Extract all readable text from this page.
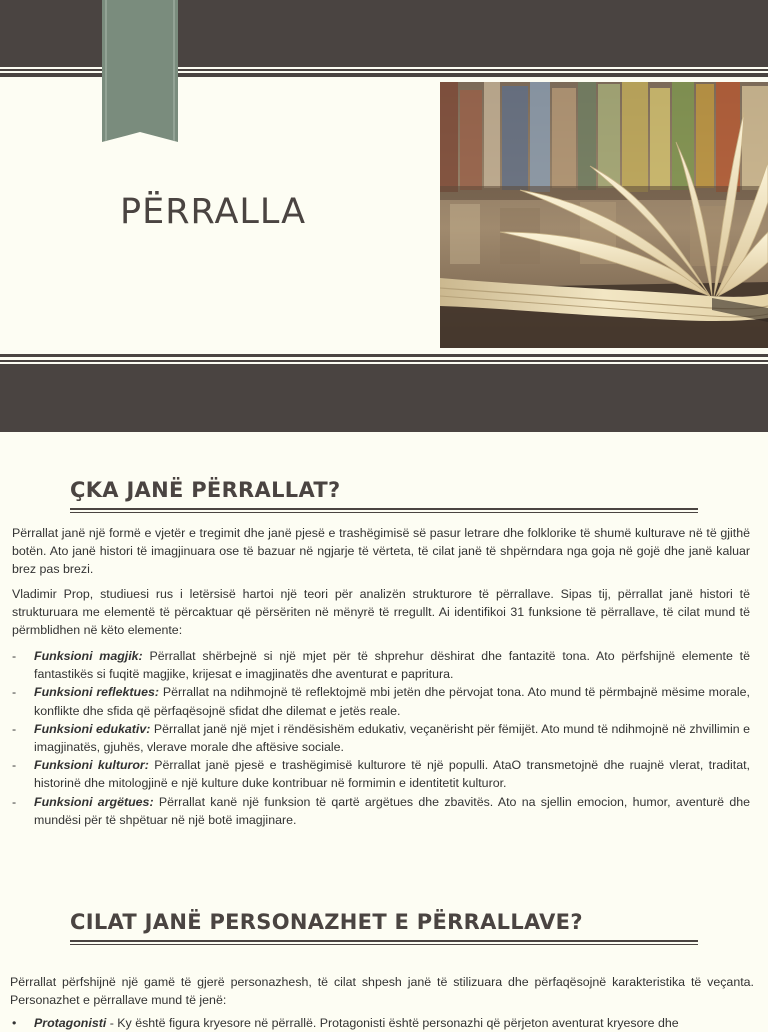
PËRRALLA
ÇKA JANË PËRRALLAT?

Përrallat janë një formë e vjetër e tregimit dhe janë pjesë e trashëgimisë së pasur letrare dhe folklorike të shumë kulturave në të gjithë botën. Ato janë histori të imagjinuara ose të bazuar në ngjarje të vërteta, të cilat janë të shpërndara nga goja në gojë dhe janë kaluar brez pas brezi.

Vladimir Prop, studiuesi rus i letërsisë hartoi një teori për analizën strukturore të përrallave. Sipas tij, përrallat janë histori të strukturuara me elementë të përcaktuar që përsëriten në mënyrë të rregullt. Ai identifikoi 31 funksione të përrallave, të cilat mund të përmblidhen në këto elemente:

- Funksioni magjik: Përrallat shërbejnë si një mjet për të shprehur dëshirat dhe fantazitë tona. Ato përfshijnë elemente të fantastikës si fuqitë magjike, krijesat e imagjinatës dhe aventurat e papritura.
- Funksioni reflektues: Përrallat na ndihmojnë të reflektojmë mbi jetën dhe përvojat tona. Ato mund të përmbajnë mësime morale, konflikte dhe sfida që përfaqësojnë sfidat dhe dilemat e jetës reale.
- Funksioni edukativ: Përrallat janë një mjet i rëndësishëm edukativ, veçanërisht për fëmijët. Ato mund të ndihmojnë në zhvillimin e imagjinatës, gjuhës, vlerave morale dhe aftësive sociale.
- Funksioni kulturor: Përrallat janë pjesë e trashëgimisë kulturore të një populli. AtaO transmetojnë dhe ruajnë vlerat, traditat, historinë dhe mitologjinë e një kulture duke kontribuar në formimin e identitetit kulturor.
- Funksioni argëtues: Përrallat kanë një funksion të qartë argëtues dhe zbavitës. Ato na sjellin emocion, humor, aventurë dhe mundësi për të shpëtuar në një botë imagjinare.
CILAT JANË PERSONAZHET E PËRRALLAVE?

Përrallat përfshijnë një gamë të gjerë personazhesh, të cilat shpesh janë të stilizuara dhe përfaqësojnë karakteristika të veçanta. Personazhet e përrallave mund të jenë:

• Protagonisti - Ky është figura kryesore në përrallë. Protagonisti është personazhi që përjeton aventurat kryesore dhe
